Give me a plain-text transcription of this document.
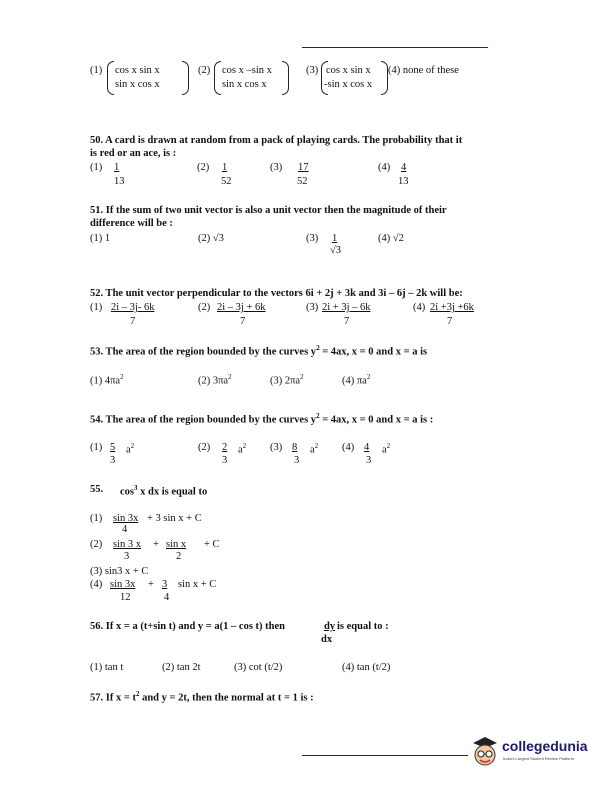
(1) cos x sin x
sin x cos x
(2) cos x –sin x
sin x cos x
(3) cos x sin x
-sin x cos x
(4) none of these
50. A card is drawn at random from a pack of playing cards. The probability that it
is red or an ace, is :
(1) 1
13
(2) 1
52
(3) 17
52
(4) 4
13
51. If the sum of two unit vector is also a unit vector then the magnitude of their
difference will be :
(1) 1	(2) √3	(3) 1
√3
(4) √2
52. The unit vector perpendicular to the vectors 6i + 2j + 3k and 3i – 6j – 2k will be:
(1) 2i – 3j- 6k
7
(2) 2i – 3j + 6k
7
(3) 2i + 3j – 6k
7
(4) 2i +3j +6k
7
53. The area of the region bounded by the curves $y^2 = 4ax$, x = 0 and x = a is
(1) $4\pi a^2$	(2) $3\pi a^2$	(3) $2\pi a^2$	(4) $\pi a^2$
54. The area of the region bounded by the curves $y^2 = 4ax$, x = 0 and x = a is :
(1) 5
3
$a^2$	(2) 2
3
$a^2$ (3) 8
3
$a^2$ (4) 4
3
$a^2$
55. $\cos^3 x$ dx is equal to
(1) sin 3x
4
+ 3 sin x + C
(2) sin 3 x
3
+ sin x
2
+ C
(3) sin3 x + C
(4) sin 3x
12
+ 3
4
sin x + C
56. If x = a (t+sin t) and y = a(1 – cos t) then	dy
dx
is equal to :
(1) tan t	(2) tan 2t	(3) cot (t/2)	(4) tan (t/2)
57. If $x = t^2$ and y = 2t, then the normal at t = 1 is :
collegedunia
India's Largest Student Review Platform
